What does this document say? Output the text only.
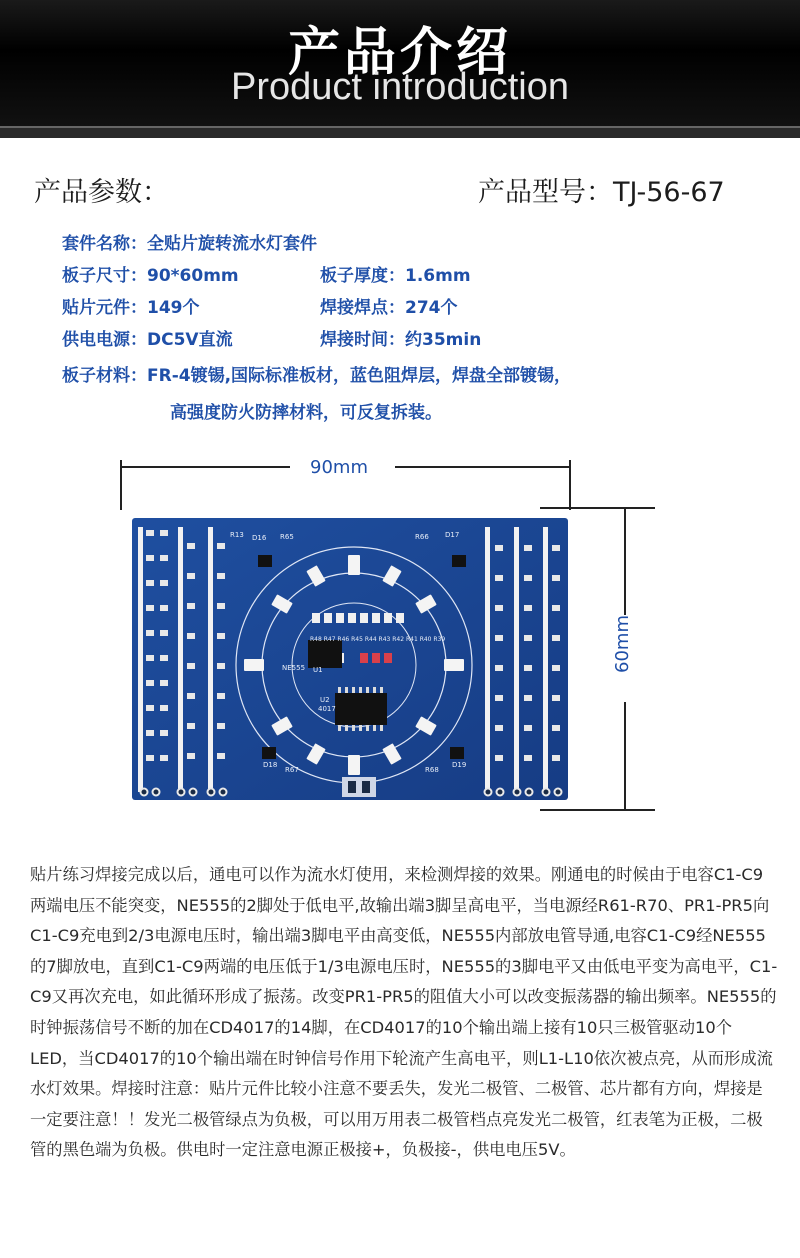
产品介绍
Product introduction
产品参数：	产品型号：TJ-56-67
套件名称：全贴片旋转流水灯套件
板子尺寸：90*60mm	板子厚度：1.6mm
贴片元件：149个	焊接焊点：274个
供电电源：DC5V直流	焊接时间：约35min
板子材料：FR-4镀锡,国际标准板材，蓝色阻焊层，焊盘全部镀锡，
高强度防火防摔材料，可反复拆装。
90mm
60mm
U1
NE555
U2
4017
R48 R47 R46 R45 R44 R43 R42 R41 R40 R39
R13	R65	R66
R67	R68
D16	D17
D18	D19

贴片练习焊接完成以后，通电可以作为流水灯使用，来检测焊接的效果。刚通电的时候由于电容C1-C9两端电压不能突变，NE555的2脚处于低电平,故输出端3脚呈高电平，当电源经R61-R70、PR1-PR5向C1-C9充电到2/3电源电压时，输出端3脚电平由高变低，NE555内部放电管导通,电容C1-C9经NE555的7脚放电，直到C1-C9两端的电压低于1/3电源电压时，NE555的3脚电平又由低电平变为高电平，C1-C9又再次充电，如此循环形成了振荡。改变PR1-PR5的阻值大小可以改变振荡器的输出频率。NE555的时钟振荡信号不断的加在CD4017的14脚，在CD4017的10个输出端上接有10只三极管驱动10个LED，当CD4017的10个输出端在时钟信号作用下轮流产生高电平，则L1-L10依次被点亮，从而形成流水灯效果。焊接时注意：贴片元件比较小注意不要丢失，发光二极管、二极管、芯片都有方向，焊接是一定要注意！！发光二极管绿点为负极，可以用万用表二极管档点亮发光二极管，红表笔为正极，二极管的黑色端为负极。供电时一定注意电源正极接+，负极接-，供电电压5V。
